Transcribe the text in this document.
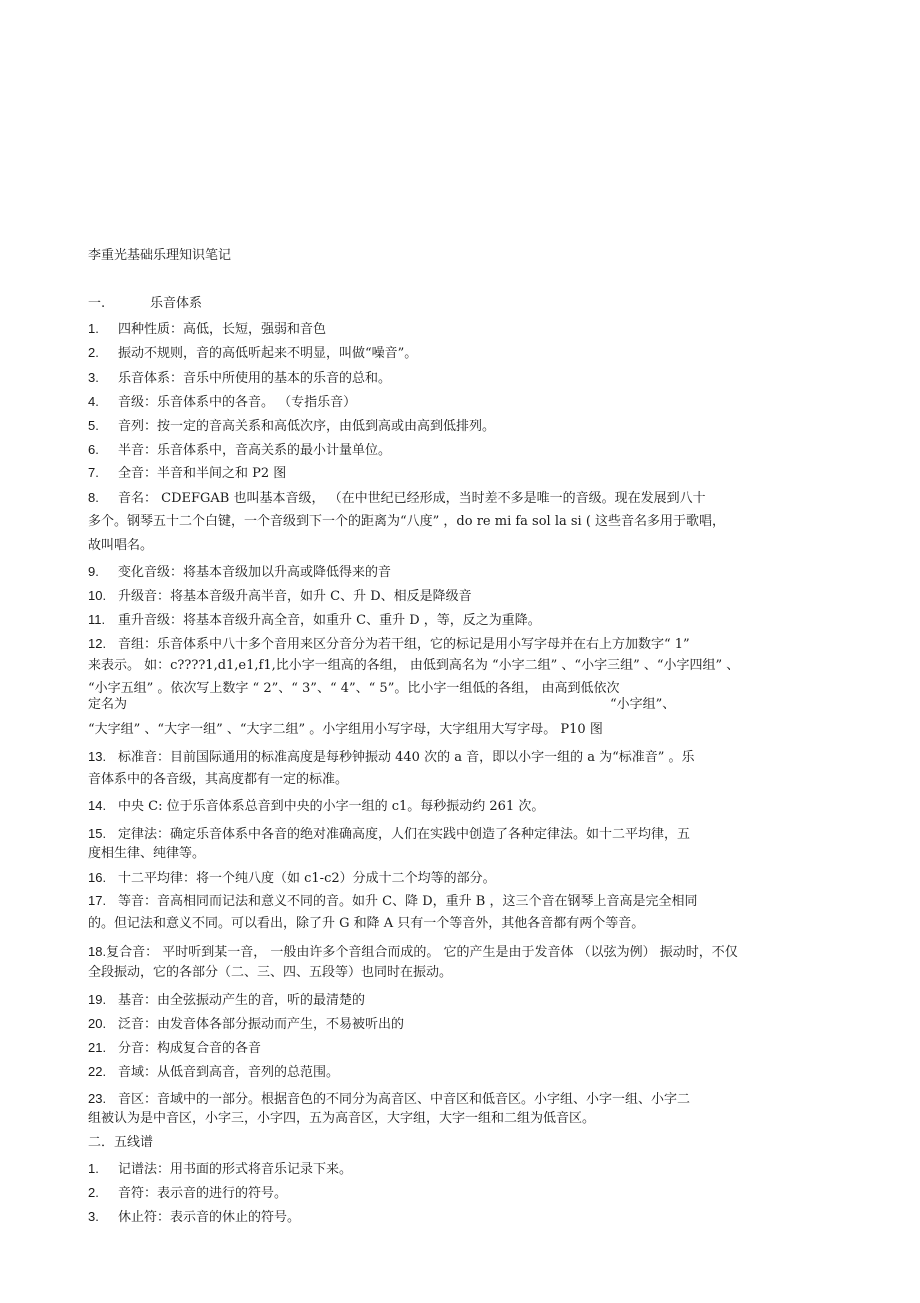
李重光基础乐理知识笔记
一.	乐音体系
1. 四种性质：高低，长短，强弱和音色
2. 振动不规则，音的高低听起来不明显，叫做“噪音”。
3. 乐音体系：音乐中所使用的基本的乐音的总和。
4. 音级：乐音体系中的各音。 （专指乐音）
5. 音列：按一定的音高关系和高低次序，由低到高或由高到低排列。
6. 半音：乐音体系中，音高关系的最小计量单位。
7. 全音：半音和半间之和 P2 图
8. 音名： CDEFGAB 也叫基本音级， （在中世纪已经形成，当时差不多是唯一的音级。现在发展到八十
多个。钢琴五十二个白键，一个音级到下一个的距离为“八度” ，do re mi fa sol la si ( 这些音名多用于歌唱，
故叫唱名。
9. 变化音级：将基本音级加以升高或降低得来的音
10. 升级音：将基本音级升高半音，如升 C、升 D、相反是降级音
11. 重升音级：将基本音级升高全音，如重升 C、重升 D ，等，反之为重降。
12. 音组：乐音体系中八十多个音用来区分音分为若干组，它的标记是用小写字母并在右上方加数字“ 1”
来表示。 如：c????1,d1,e1,f1,比小字一组高的各组， 由低到高名为 “小字二组” 、“小字三组” 、“小字四组” 、
“小字五组” 。依次写上数字 “ 2”、“ 3”、“ 4”、“ 5”。比小字一组低的各组， 由高到低依次
定名为	“小字组”、
“大字组” 、“大字一组” 、“大字二组” 。小字组用小写字母，大字组用大写字母。 P10 图
13. 标准音：目前国际通用的标准高度是每秒钟振动 440 次的 a 音，即以小字一组的 a 为“标准音” 。乐
音体系中的各音级，其高度都有一定的标准。
14. 中央 C: 位于乐音体系总音到中央的小字一组的 c1。每秒振动约 261 次。
15. 定律法：确定乐音体系中各音的绝对准确高度，人们在实践中创造了各种定律法。如十二平均律，五
度相生律、纯律等。
16. 十二平均律：将一个纯八度（如 c1-c2）分成十二个均等的部分。
17. 等音：音高相同而记法和意义不同的音。如升 C、降 D，重升 B ，这三个音在钢琴上音高是完全相同
的。但记法和意义不同。可以看出，除了升 G 和降 A 只有一个等音外，其他各音都有两个等音。
18.复合音： 平时听到某一音， 一般由许多个音组合而成的。 它的产生是由于发音体 （以弦为例） 振动时，不仅
全段振动，它的各部分（二、三、四、五段等）也同时在振动。
19. 基音：由全弦振动产生的音，听的最清楚的
20. 泛音：由发音体各部分振动而产生，不易被听出的
21. 分音：构成复合音的各音
22. 音域：从低音到高音，音列的总范围。
23. 音区：音域中的一部分。根据音色的不同分为高音区、中音区和低音区。小字组、小字一组、小字二
组被认为是中音区，小字三，小字四，五为高音区，大字组，大字一组和二组为低音区。
二．五线谱
1. 记谱法：用书面的形式将音乐记录下来。
2. 音符：表示音的进行的符号。
3. 休止符：表示音的休止的符号。
